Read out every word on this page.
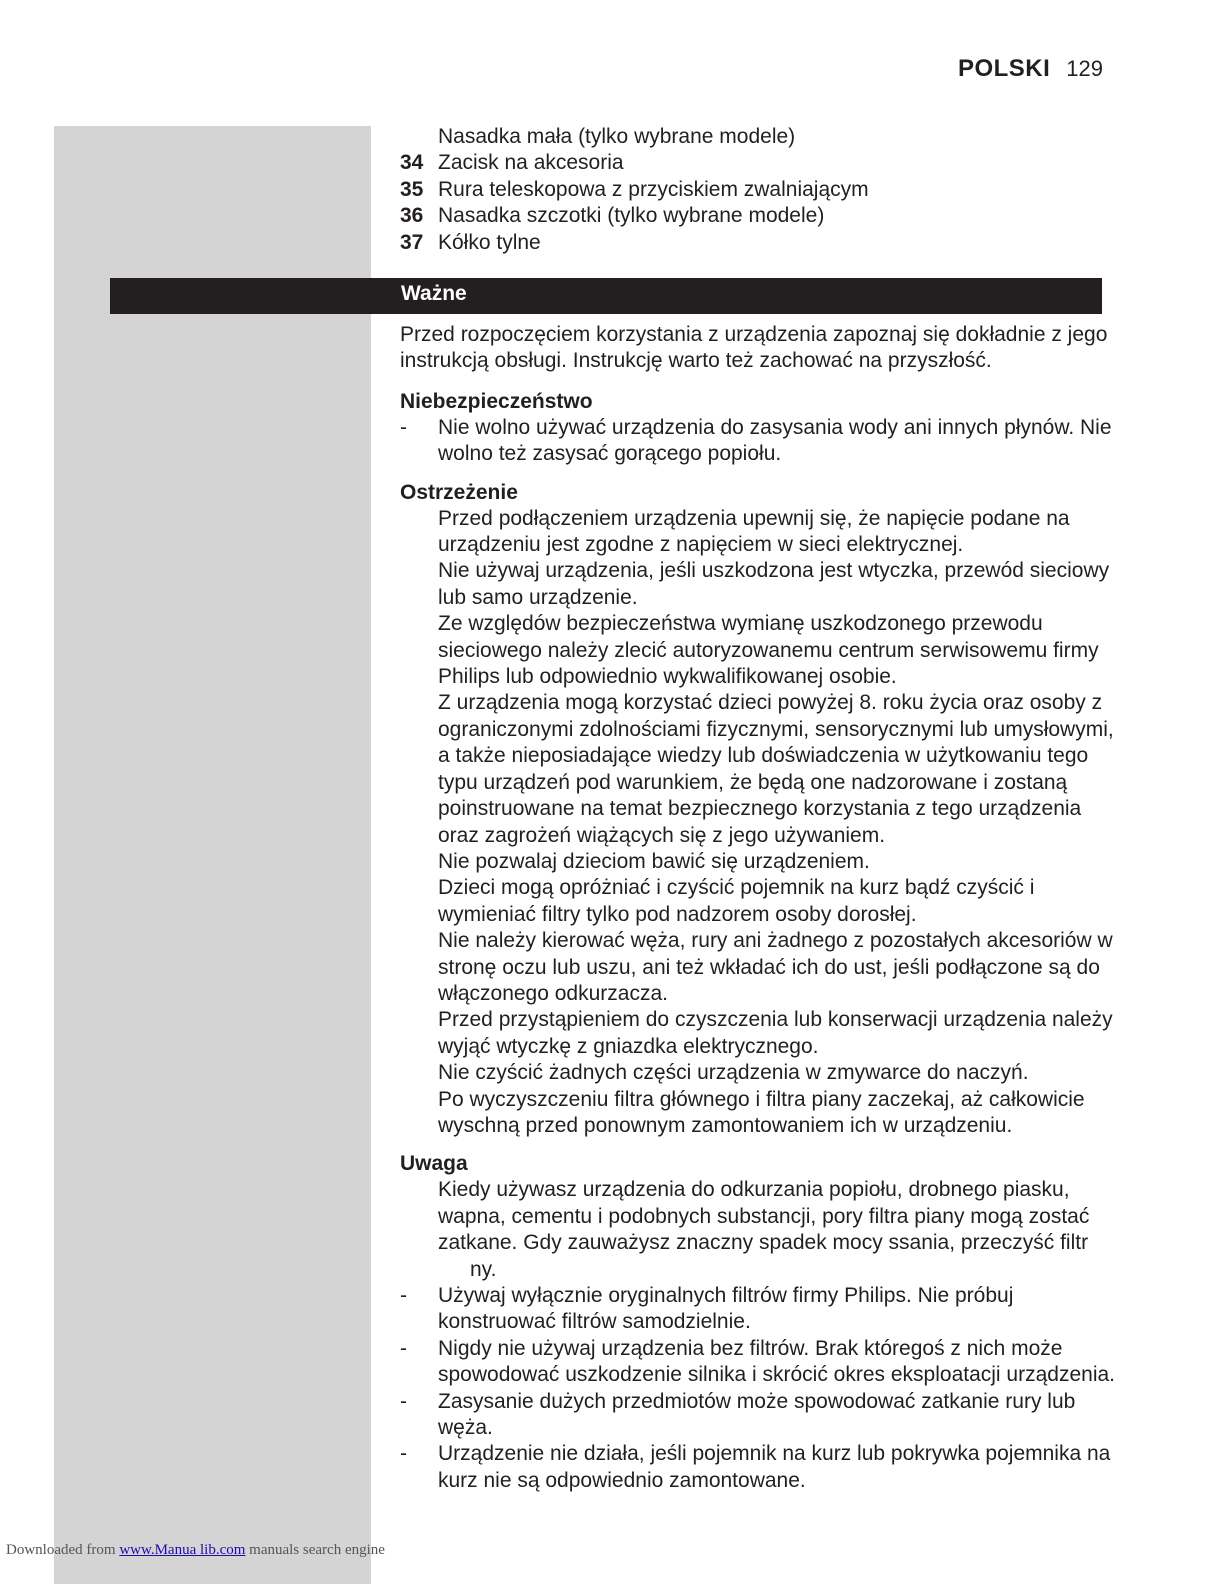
POLSKI 129
Nasadka mała (tylko wybrane modele)
34 Zacisk na akcesoria
35 Rura teleskopowa z przyciskiem zwalniającym
36 Nasadka szczotki (tylko wybrane modele)
37 Kółko tylne
Ważne

Przed rozpoczęciem korzystania z urządzenia zapoznaj się dokładnie z jego instrukcją obsługi. Instrukcję warto też zachować na przyszłość.

Niebezpieczeństwo

-	Nie wolno używać urządzenia do zasysania wody ani innych płynów. Nie wolno też zasysać gorącego popiołu.

Ostrzeżenie

Przed podłączeniem urządzenia upewnij się, że napięcie podane na urządzeniu jest zgodne z napięciem w sieci elektrycznej.
Nie używaj urządzenia, jeśli uszkodzona jest wtyczka, przewód sieciowy lub samo urządzenie.
Ze względów bezpieczeństwa wymianę uszkodzonego przewodu sieciowego należy zlecić autoryzowanemu centrum serwisowemu firmy Philips lub odpowiednio wykwalifikowanej osobie.
Z urządzenia mogą korzystać dzieci powyżej 8. roku życia oraz osoby z ograniczonymi zdolnościami fizycznymi, sensorycznymi lub umysłowymi, a także nieposiadające wiedzy lub doświadczenia w użytkowaniu tego typu urządzeń pod warunkiem, że będą one nadzorowane i zostaną poinstruowane na temat bezpiecznego korzystania z tego urządzenia oraz zagrożeń wiążących się z jego używaniem.
Nie pozwalaj dzieciom bawić się urządzeniem.
Dzieci mogą opróżniać i czyścić pojemnik na kurz bądź czyścić i wymieniać filtry tylko pod nadzorem osoby dorosłej.
Nie należy kierować węża, rury ani żadnego z pozostałych akcesoriów w stronę oczu lub uszu, ani też wkładać ich do ust, jeśli podłączone są do włączonego odkurzacza.
Przed przystąpieniem do czyszczenia lub konserwacji urządzenia należy wyjąć wtyczkę z gniazdka elektrycznego.
Nie czyścić żadnych części urządzenia w zmywarce do naczyń.
Po wyczyszczeniu filtra głównego i filtra piany zaczekaj, aż całkowicie wyschną przed ponownym zamontowaniem ich w urządzeniu.

Uwaga

Kiedy używasz urządzenia do odkurzania popiołu, drobnego piasku, wapna, cementu i podobnych substancji, pory filtra piany mogą zostać zatkane. Gdy zauważysz znaczny spadek mocy ssania, przeczyść filtr
ny.
-	Używaj wyłącznie oryginalnych filtrów firmy Philips. Nie próbuj konstruować filtrów samodzielnie.
-	Nigdy nie używaj urządzenia bez filtrów. Brak któregoś z nich może spowodować uszkodzenie silnika i skrócić okres eksploatacji urządzenia.
-	Zasysanie dużych przedmiotów może spowodować zatkanie rury lub węża.
-	Urządzenie nie działa, jeśli pojemnik na kurz lub pokrywka pojemnika na kurz nie są odpowiednio zamontowane.
Downloaded from www.Manua lib.com manuals search engine
